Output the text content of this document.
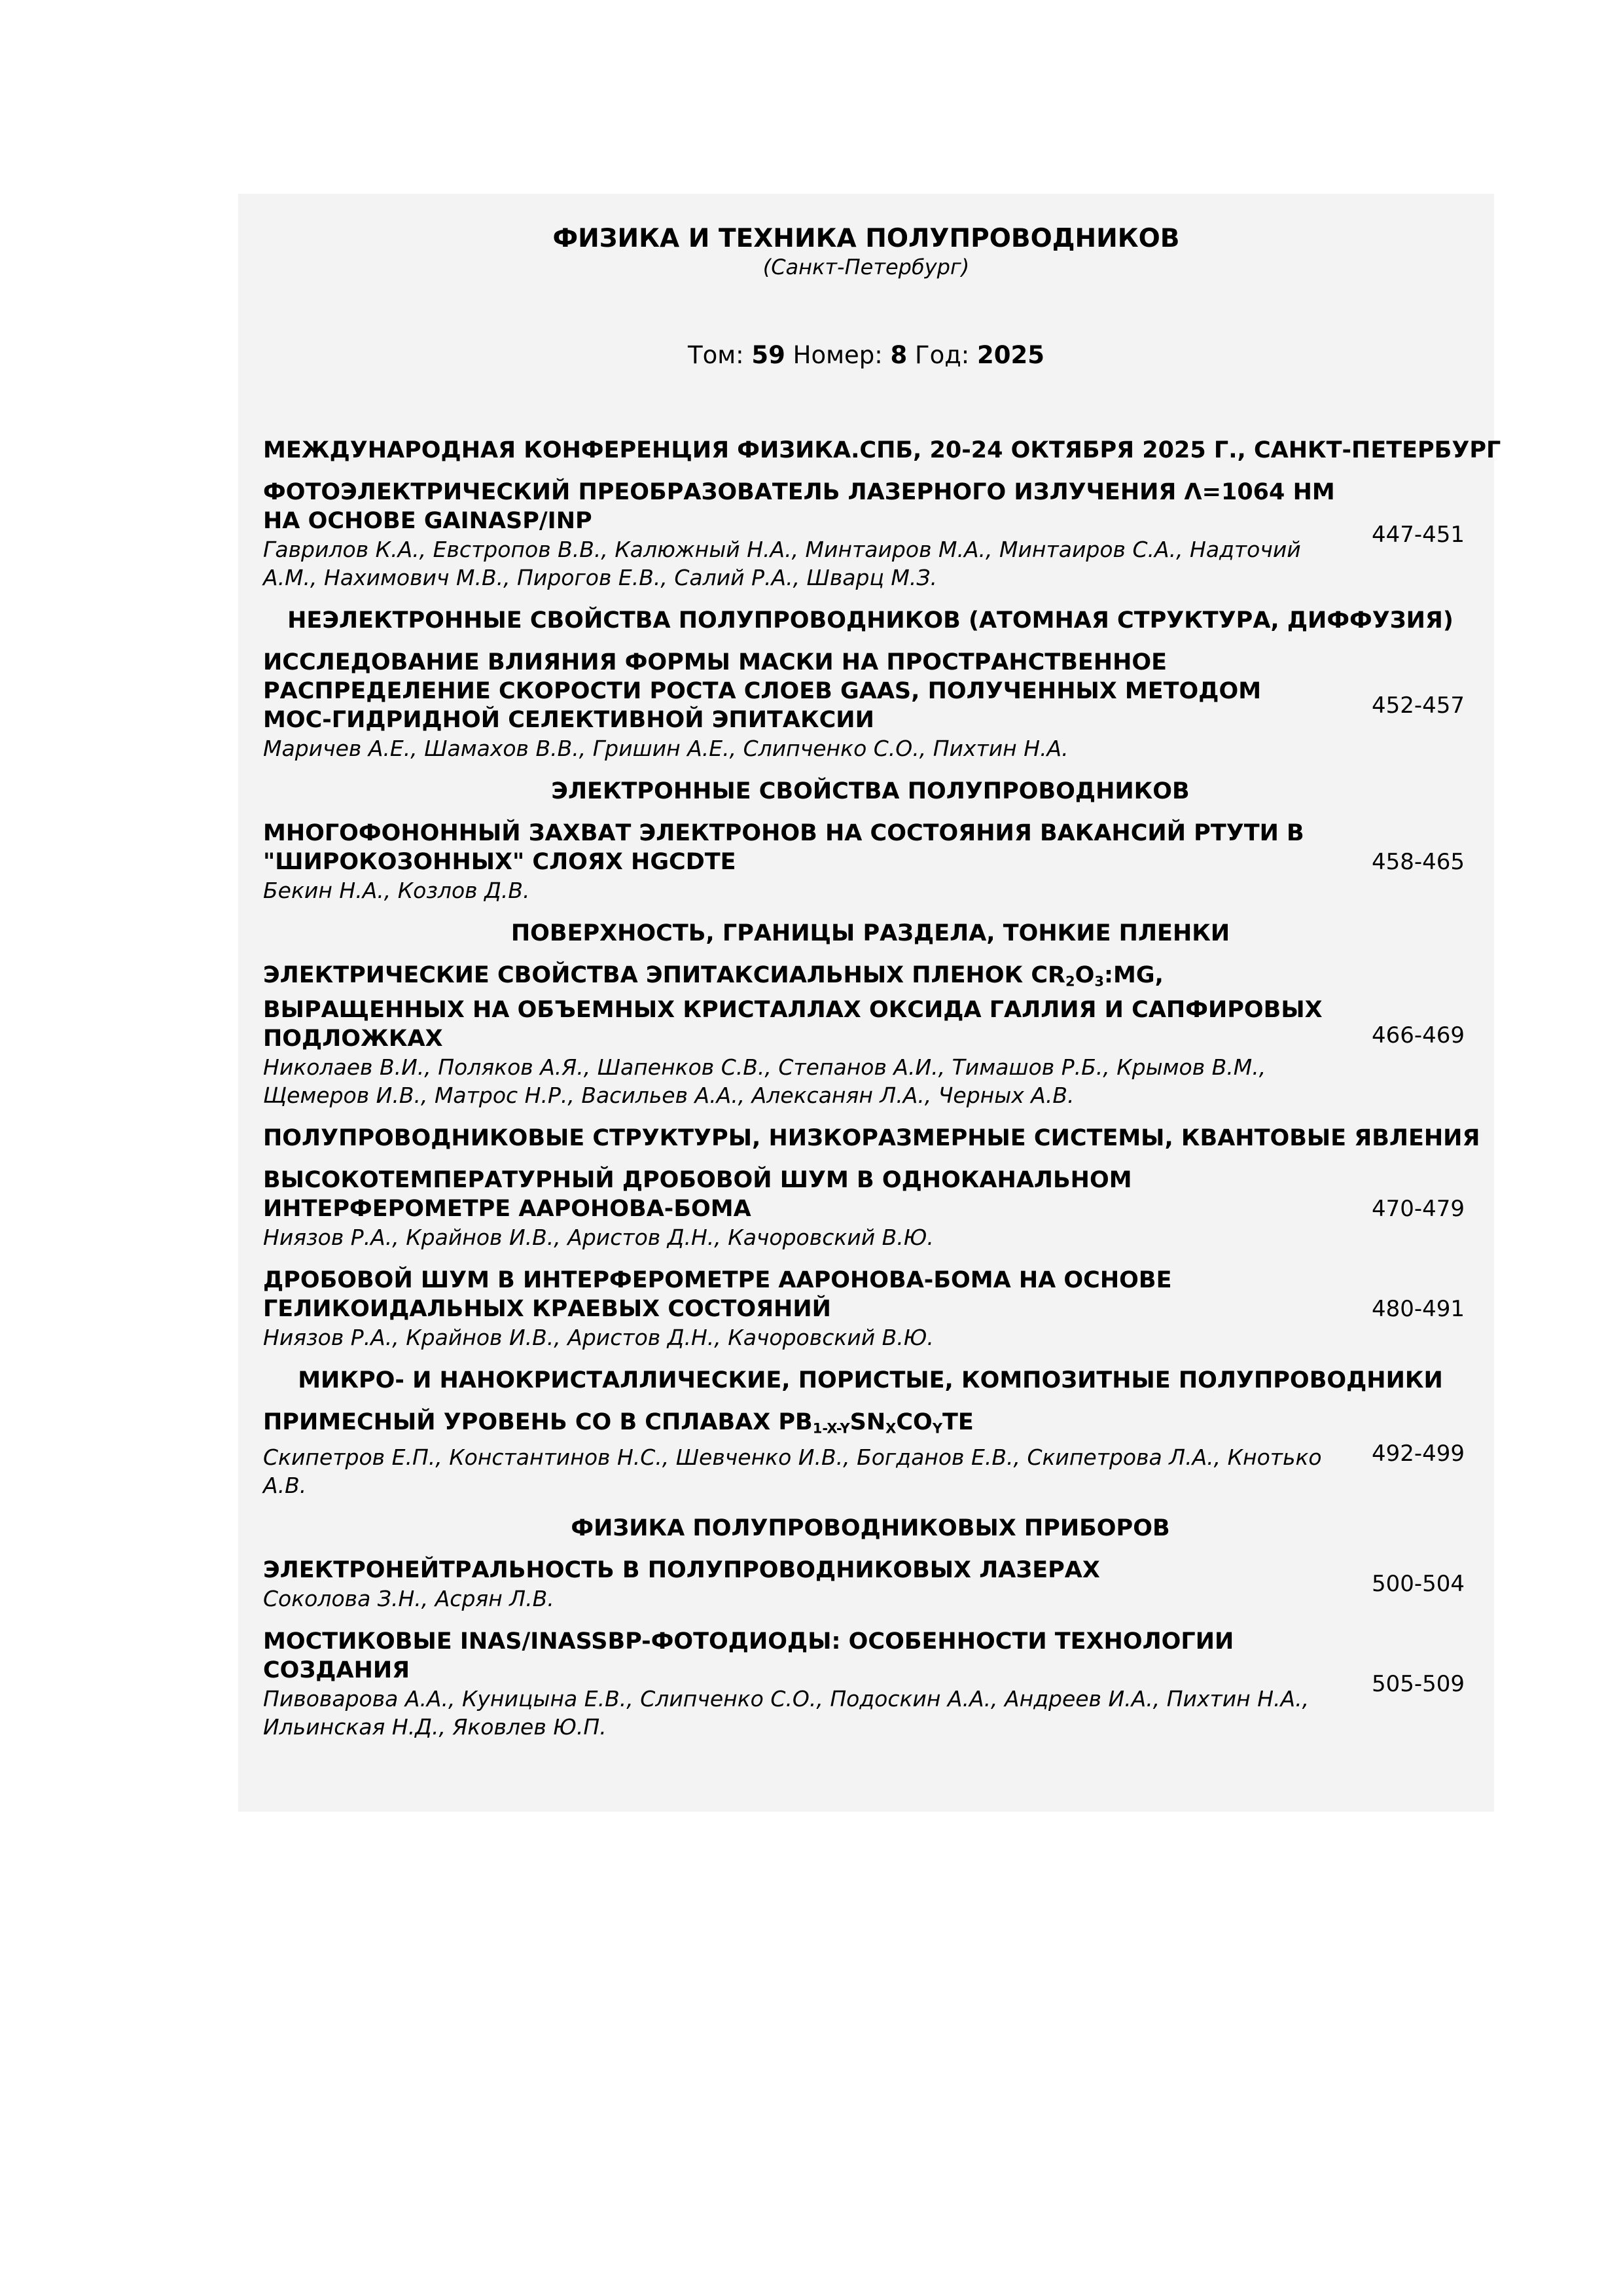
ФИЗИКА И ТЕХНИКА ПОЛУПРОВОДНИКОВ
(Санкт-Петербург)
Том: 59 Номер: 8 Год: 2025
МЕЖДУНАРОДНАЯ КОНФЕРЕНЦИЯ ФИЗИКА.СПБ, 20-24 ОКТЯБРЯ 2025 Г., САНКТ-ПЕТЕРБУРГ
ФОТОЭЛЕКТРИЧЕСКИЙ ПРЕОБРАЗОВАТЕЛЬ ЛАЗЕРНОГО ИЗЛУЧЕНИЯ Λ=1064 НМ НА ОСНОВЕ GAINASP/INP
Гаврилов К.А., Евстропов В.В., Калюжный Н.А., Минтаиров М.А., Минтаиров С.А., Надточий А.М., Нахимович М.В., Пирогов Е.В., Салий Р.А., Шварц М.З.
447-451
НЕЭЛЕКТРОННЫЕ СВОЙСТВА ПОЛУПРОВОДНИКОВ (АТОМНАЯ СТРУКТУРА, ДИФФУЗИЯ)
ИССЛЕДОВАНИЕ ВЛИЯНИЯ ФОРМЫ МАСКИ НА ПРОСТРАНСТВЕННОЕ РАСПРЕДЕЛЕНИЕ СКОРОСТИ РОСТА СЛОЕВ GAAS, ПОЛУЧЕННЫХ МЕТОДОМ МОС-ГИДРИДНОЙ СЕЛЕКТИВНОЙ ЭПИТАКСИИ
Маричев А.Е., Шамахов В.В., Гришин А.Е., Слипченко С.О., Пихтин Н.А.
452-457
ЭЛЕКТРОННЫЕ СВОЙСТВА ПОЛУПРОВОДНИКОВ
МНОГОФОНОННЫЙ ЗАХВАТ ЭЛЕКТРОНОВ НА СОСТОЯНИЯ ВАКАНСИЙ РТУТИ В "ШИРОКОЗОННЫХ" СЛОЯХ HGCDTE
Бекин Н.А., Козлов Д.В.
458-465
ПОВЕРХНОСТЬ, ГРАНИЦЫ РАЗДЕЛА, ТОНКИЕ ПЛЕНКИ
ЭЛЕКТРИЧЕСКИЕ СВОЙСТВА ЭПИТАКСИАЛЬНЫХ ПЛЕНОК $CR_2O_3:MG$, ВЫРАЩЕННЫХ НА ОБЪЕМНЫХ КРИСТАЛЛАХ ОКСИДА ГАЛЛИЯ И САПФИРОВЫХ ПОДЛОЖКАХ
Николаев В.И., Поляков А.Я., Шапенков С.В., Степанов А.И., Тимашов Р.Б., Крымов В.М., Щемеров И.В., Матрос Н.Р., Васильев А.А., Алексанян Л.А., Черных А.В.
466-469
ПОЛУПРОВОДНИКОВЫЕ СТРУКТУРЫ, НИЗКОРАЗМЕРНЫЕ СИСТЕМЫ, КВАНТОВЫЕ ЯВЛЕНИЯ
ВЫСОКОТЕМПЕРАТУРНЫЙ ДРОБОВОЙ ШУМ В ОДНОКАНАЛЬНОМ ИНТЕРФЕРОМЕТРЕ ААРОНОВА-БОМА
Ниязов Р.А., Крайнов И.В., Аристов Д.Н., Качоровский В.Ю.
470-479
ДРОБОВОЙ ШУМ В ИНТЕРФЕРОМЕТРЕ ААРОНОВА-БОМА НА ОСНОВЕ ГЕЛИКОИДАЛЬНЫХ КРАЕВЫХ СОСТОЯНИЙ
Ниязов Р.А., Крайнов И.В., Аристов Д.Н., Качоровский В.Ю.
480-491
МИКРО- И НАНОКРИСТАЛЛИЧЕСКИЕ, ПОРИСТЫЕ, КОМПОЗИТНЫЕ ПОЛУПРОВОДНИКИ
ПРИМЕСНЫЙ УРОВЕНЬ CO В СПЛАВАХ $PB_{1-X-Y}SN_XCO_YTE$
Скипетров Е.П., Константинов Н.С., Шевченко И.В., Богданов Е.В., Скипетрова Л.А., Кнотько А.В.
492-499
ФИЗИКА ПОЛУПРОВОДНИКОВЫХ ПРИБОРОВ
ЭЛЕКТРОНЕЙТРАЛЬНОСТЬ В ПОЛУПРОВОДНИКОВЫХ ЛАЗЕРАХ
Соколова З.Н., Асрян Л.В.
500-504
МОСТИКОВЫЕ INAS/INASSBP-ФОТОДИОДЫ: ОСОБЕННОСТИ ТЕХНОЛОГИИ СОЗДАНИЯ
Пивоварова А.А., Куницына Е.В., Слипченко С.О., Подоскин А.А., Андреев И.А., Пихтин Н.А., Ильинская Н.Д., Яковлев Ю.П.
505-509
